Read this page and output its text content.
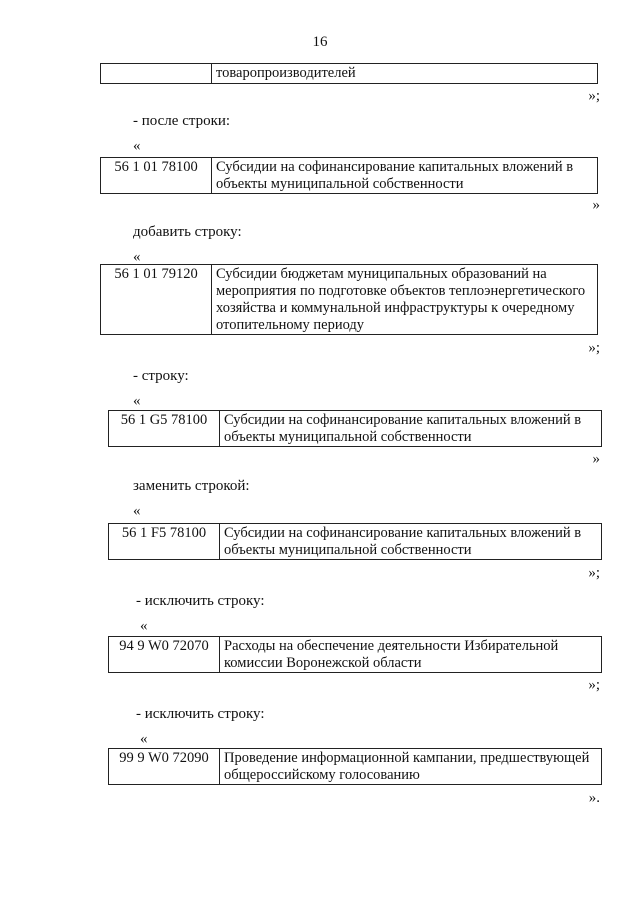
16
	товаропроизводителей
»;
- после строки:
«
56 1 01 78100	Субсидии на софинансирование капитальных вложений в объекты муниципальной собственности
»
добавить строку:
«
56 1 01 79120	Субсидии бюджетам муниципальных образований на мероприятия по подготовке объектов теплоэнергетического хозяйства и коммунальной инфраструктуры к очередному отопительному периоду
»;
- строку:
«
56 1 G5 78100	Субсидии на софинансирование капитальных вложений в объекты муниципальной собственности
»
заменить строкой:
«
56 1 F5 78100	Субсидии на софинансирование капитальных вложений в объекты муниципальной собственности
»;
- исключить строку:
«
94 9 W0 72070	Расходы на обеспечение деятельности Избирательной комиссии Воронежской области
»;
- исключить строку:
«
99 9 W0 72090	Проведение информационной кампании, предшествующей общероссийскому голосованию
».
